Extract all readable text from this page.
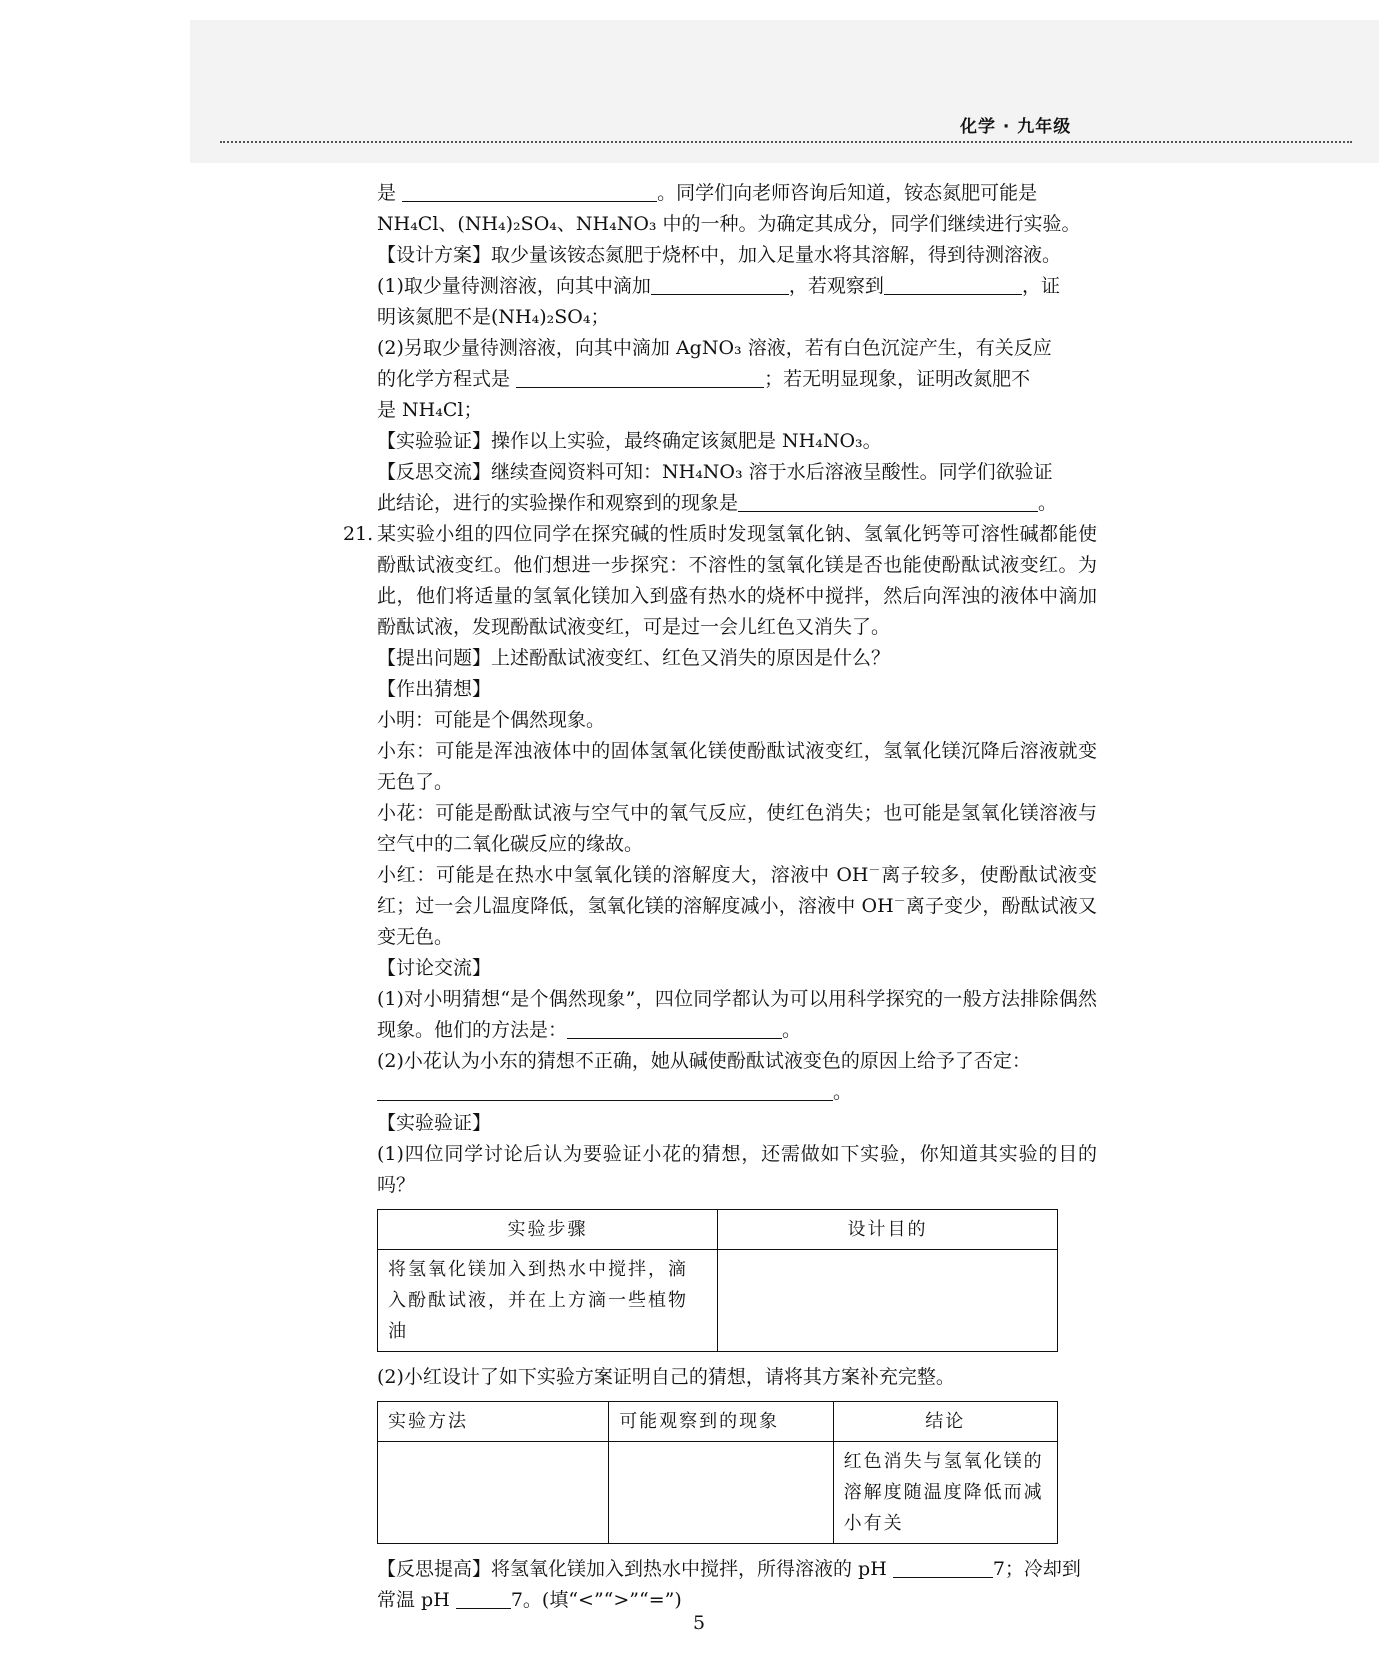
化学 · 九年级

是	。同学们向老师咨询后知道，铵态氮肥可能是

NH₄Cl、(NH₄)₂SO₄、NH₄NO₃ 中的一种。为确定其成分，同学们继续进行实验。

【设计方案】取少量该铵态氮肥于烧杯中，加入足量水将其溶解，得到待测溶液。

(1)取少量待测溶液，向其中滴加	，若观察到	，证

明该氮肥不是(NH₄)₂SO₄；

(2)另取少量待测溶液，向其中滴加 AgNO₃ 溶液，若有白色沉淀产生，有关反应

的化学方程式是	；若无明显现象，证明改氮肥不

是 NH₄Cl；

【实验验证】操作以上实验，最终确定该氮肥是 NH₄NO₃。

【反思交流】继续查阅资料可知：NH₄NO₃ 溶于水后溶液呈酸性。同学们欲验证

此结论，进行的实验操作和观察到的现象是	。

21. 某实验小组的四位同学在探究碱的性质时发现氢氧化钠、氢氧化钙等可溶性碱都能使酚酞试液变红。他们想进一步探究：不溶性的氢氧化镁是否也能使酚酞试液变红。为此，他们将适量的氢氧化镁加入到盛有热水的烧杯中搅拌，然后向浑浊的液体中滴加酚酞试液，发现酚酞试液变红，可是过一会儿红色又消失了。

【提出问题】上述酚酞试液变红、红色又消失的原因是什么？

【作出猜想】

小明：可能是个偶然现象。

小东：可能是浑浊液体中的固体氢氧化镁使酚酞试液变红，氢氧化镁沉降后溶液就变无色了。

小花：可能是酚酞试液与空气中的氧气反应，使红色消失；也可能是氢氧化镁溶液与空气中的二氧化碳反应的缘故。

小红：可能是在热水中氢氧化镁的溶解度大，溶液中 OH－离子较多，使酚酞试液变红；过一会儿温度降低，氢氧化镁的溶解度减小，溶液中 OH－离子变少，酚酞试液又变无色。

【讨论交流】

(1)对小明猜想“是个偶然现象”，四位同学都认为可以用科学探究的一般方法排除偶然现象。他们的方法是：	。

(2)小花认为小东的猜想不正确，她从碱使酚酞试液变色的原因上给予了否定：

。

【实验验证】

(1)四位同学讨论后认为要验证小花的猜想，还需做如下实验，你知道其实验的目的吗？

实验步骤	设计目的
将氢氧化镁加入到热水中搅拌，滴入酚酞试液，并在上方滴一些植物油	

(2)小红设计了如下实验方案证明自己的猜想，请将其方案补充完整。

实验方法	可能观察到的现象	结论
		红色消失与氢氧化镁的溶解度随温度降低而减小有关

【反思提高】将氢氧化镁加入到热水中搅拌，所得溶液的 pH	7；冷却到

常温 pH	7。(填“<”“>”“=”)

5
